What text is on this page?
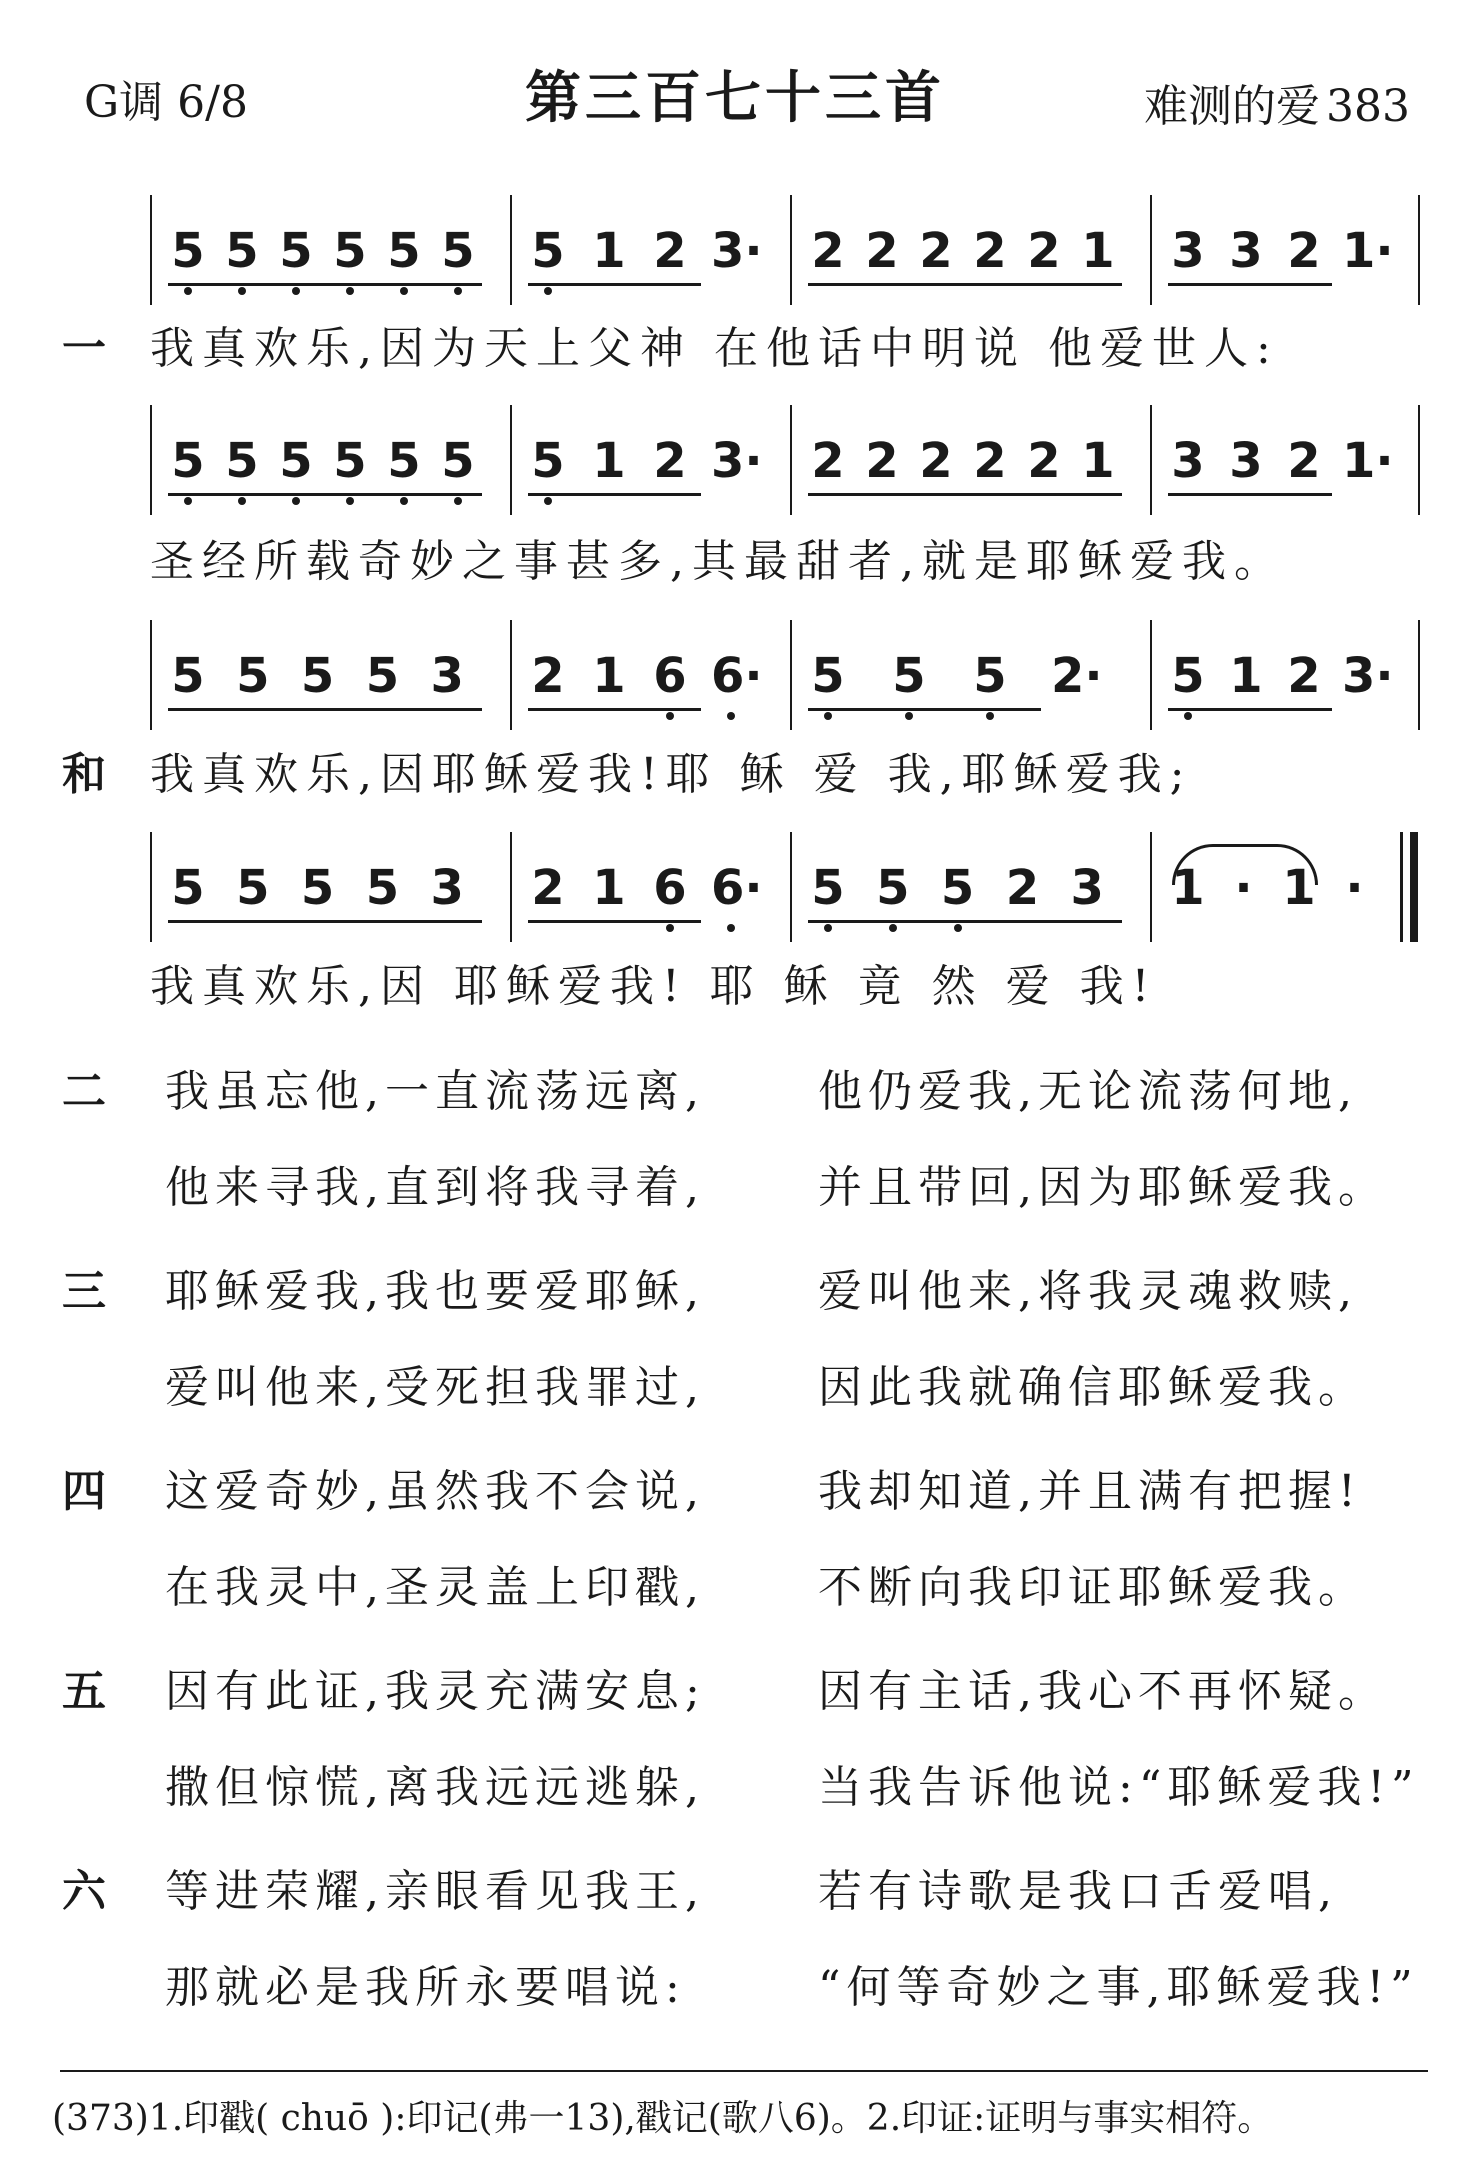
G调 6/8	第三百七十三首	难测的爱 383
5 5 5 5 5 5 5 1 2 3· 2 2 2 2 2 1 3 3 2 1·
5 5 5 5 5 5 5 1 2 3· 2 2 2 2 2 1 3 3 2 1·
5 5 5 5 3 2 1 6 6· 5 5 5 2· 5 1 2 3·
5 5 5 5 3 2 1 6 6· 5 5 5 2 3 1 · 1 ·
一 我真欢乐,因为天上父神 在他话中明说 他爱世人:
圣经所载奇妙之事甚多,其最甜者,就是耶稣爱我。
和 我真欢乐,因耶稣爱我!耶 稣 爱 我,耶稣爱我;
我真欢乐,因 耶稣爱我! 耶 稣 竟 然 爱 我!
二 我虽忘他,一直流荡远离,	他仍爱我,无论流荡何地,
他来寻我,直到将我寻着,	并且带回,因为耶稣爱我。
三 耶稣爱我,我也要爱耶稣,	爱叫他来,将我灵魂救赎,
爱叫他来,受死担我罪过,	因此我就确信耶稣爱我。
四 这爱奇妙,虽然我不会说,	我却知道,并且满有把握!
在我灵中,圣灵盖上印戳,	不断向我印证耶稣爱我。
五 因有此证,我灵充满安息;	因有主话,我心不再怀疑。
撒但惊慌,离我远远逃躲,	当我告诉他说:“耶稣爱我!”
六 等进荣耀,亲眼看见我王,	若有诗歌是我口舌爱唱,
那就必是我所永要唱说:	“何等奇妙之事,耶稣爱我!”
(373)1.印戳( chuō ):印记(弗一13),戳记(歌八6)。2.印证:证明与事实相符。
